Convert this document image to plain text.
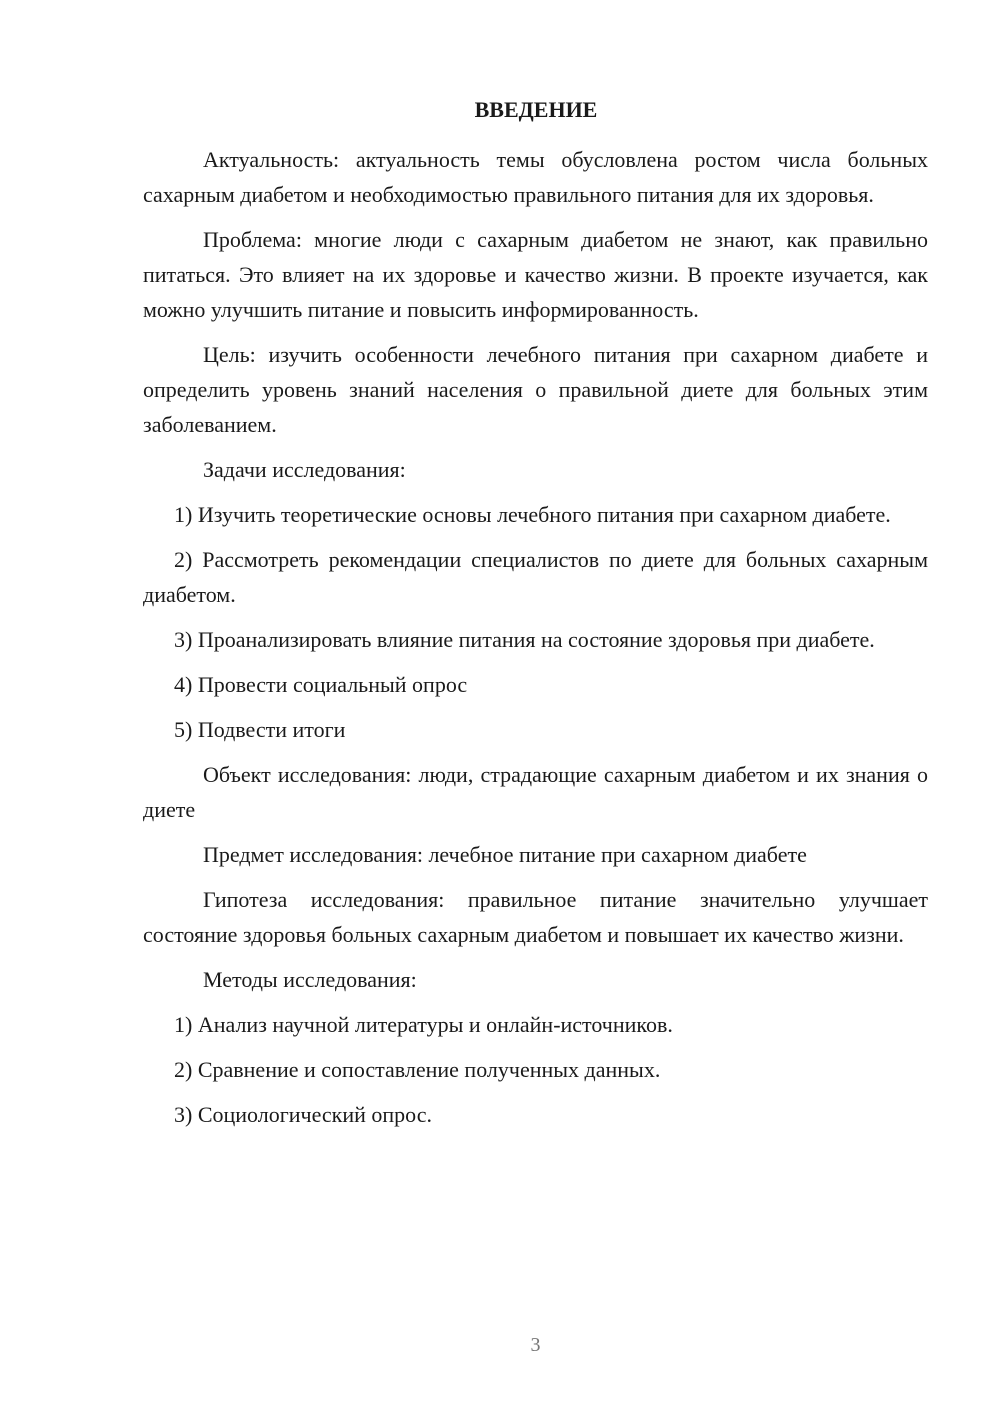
ВВЕДЕНИЕ
Актуальность: актуальность темы обусловлена ростом числа больных сахарным диабетом и необходимостью правильного питания для их здоровья.
Проблема: многие люди с сахарным диабетом не знают, как правильно питаться. Это влияет на их здоровье и качество жизни. В проекте изучается, как можно улучшить питание и повысить информированность.
Цель: изучить особенности лечебного питания при сахарном диабете и определить уровень знаний населения о правильной диете для больных этим заболеванием.
Задачи исследования:
1) Изучить теоретические основы лечебного питания при сахарном диабете.
2) Рассмотреть рекомендации специалистов по диете для больных сахарным диабетом.
3) Проанализировать влияние питания на состояние здоровья при диабете.
4) Провести социальный опрос
5) Подвести итоги
Объект исследования: люди, страдающие сахарным диабетом и их знания о диете
Предмет исследования: лечебное питание при сахарном диабете
Гипотеза исследования: правильное питание значительно улучшает состояние здоровья больных сахарным диабетом и повышает их качество жизни.
Методы исследования:
1) Анализ научной литературы и онлайн-источников.
2) Сравнение и сопоставление полученных данных.
3) Социологический опрос.
3
